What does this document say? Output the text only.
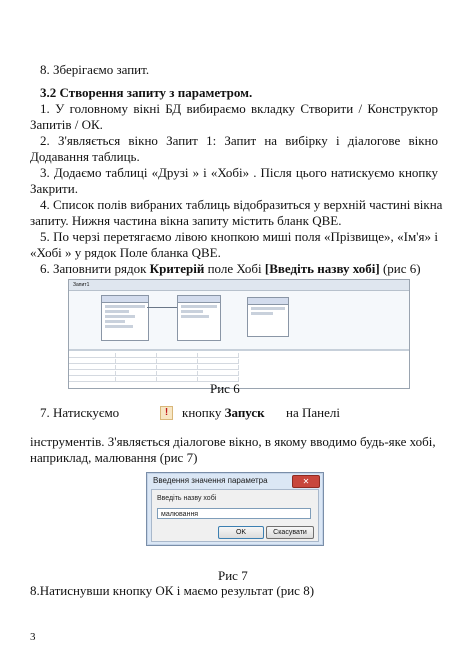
8. Зберігаємо запит.
3.2 Створення запиту з параметром.
1. У головному вікні БД вибираємо вкладку Створити / Конструктор
Запитів / ОК.
2. З'являється вікно Запит 1: Запит на вибірку і діалогове вікно
Додавання таблиць.
3. Додаємо таблиці «Друзі » і «Хобі» . Після цього натискуємо кнопку
Закрити.
4. Список полів вибраних таблиць відобразиться у верхній частині вікна
запиту. Нижня частина вікна запиту містить бланк QBE.
5. По черзі перетягаємо лівою кнопкою миші поля «Прізвище», «Ім'я» і
«Хобі » у рядок Поле бланка QBE.
6. Заповнити рядок Критерій поле Хобі [Введіть назву хобі] (рис 6)
Запит1
Рис 6
7. Натискуємо	!	кнопку Запуск на Панелі
інструментів. З'являється діалогове вікно, в якому вводимо будь-яке хобі,
наприклад, малювання (рис 7)
Введення значення параметра	✕
Введіть назву хобі
малювання
OK	Скасувати
Рис 7
8.Натиснувши кнопку ОК і маємо результат (рис 8)
3
